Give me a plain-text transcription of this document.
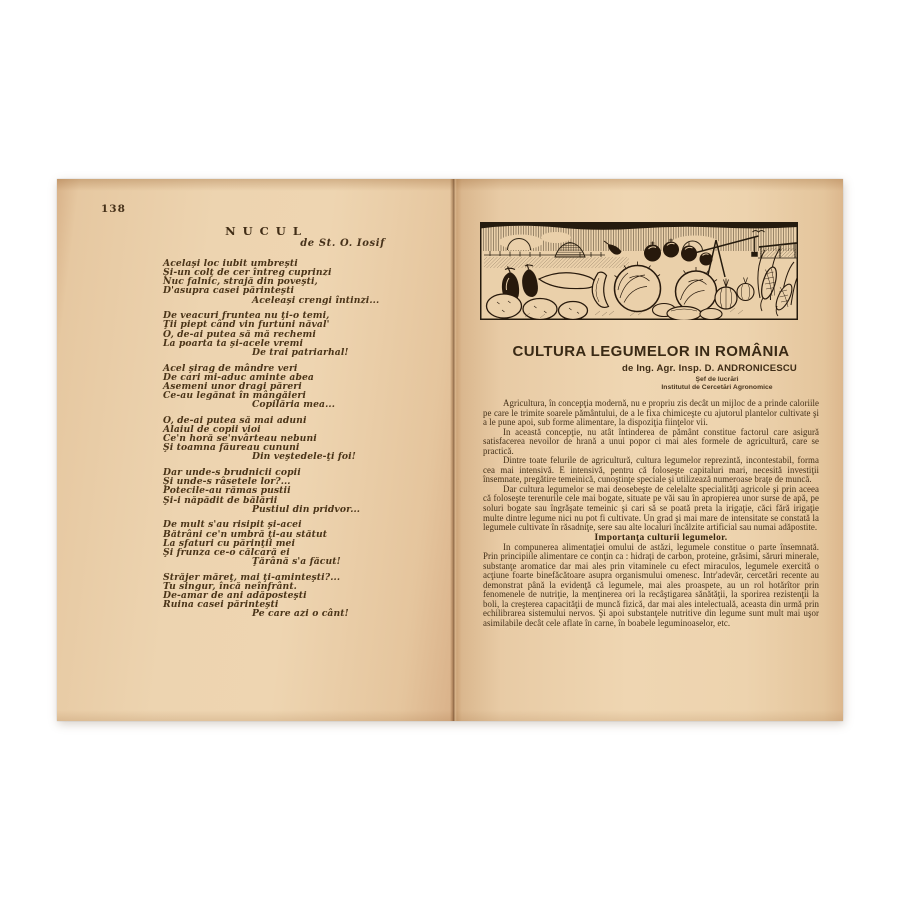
138
NUCUL
de St. O. Iosif
Acelaşi loc iubit umbreşti
Şi-un colţ de cer întreg cuprinzi
Nuc falnic, strajă din poveşti,
D'asupra casei părinteşti
Aceleaşi crengi întinzi...
De veacuri fruntea nu ţi-o temi,
Ţii piept când vin furtuni năval'
O, de-ai putea să mă rechemi
La poarta ta şi-acele vremi
De trai patriarhal!
Acel şirag de mândre veri
De cari mi-aduc aminte abea
Asemeni unor dragi păreri
Ce-au legănat în mângăieri
Copilăria mea...
O, de-ai putea să mai aduni
Alaiul de copii vioi
Ce'n horă se'nvârteau nebuni
Şi toamna făureau cununi
Din veştedele-ţi foi!
Dar unde-s brudnicii copii
Şi unde-s râsetele lor?...
Potecile-au rămas pustii
Şi-i năpădit de bălării
Pustiul din pridvor...
De mult s'au risipit şi-acei
Bătrâni ce'n umbră ţi-au stătut
La sfaturi cu părinţii mei
Şi frunza ce-o călcară ei
Ţărână s'a făcut!
Străjer măreţ, mai ţi-aminteşti?...
Tu singur, încă neînfrânt.
De-amar de ani adăposteşti
Ruina casei părinteşti
Pe care azi o cânt!
CULTURA LEGUMELOR IN ROMÂNIA
de Ing. Agr. Insp. D. ANDRONICESCU
Şef de lucrări
Institutul de Cercetări Agronomice

Agricultura, în concepţia modernă, nu e propriu zis decât un mijloc de a prinde caloriile pe care le trimite soarele pământului, de a le fixa chimiceşte cu ajutorul plantelor cultivate şi a le pune apoi, sub forme alimentare, la dispoziţia fiinţelor vii.

In această concepţie, nu atât întinderea de pământ constitue factorul care asigură satisfacerea nevoilor de hrană a unui popor ci mai ales formele de agricultură, care se practică.

Dintre toate felurile de agricultură, cultura legumelor reprezintă, incontestabil, forma cea mai intensivă. E intensivă, pentru că foloseşte capitaluri mari, necesită investiţii însemnate, pregătire temeinică, cunoştinţe speciale şi utilizează numeroase braţe de muncă.

Dar cultura legumelor se mai deosebeşte de celelalte specialităţi agricole şi prin aceea că foloseşte terenurile cele mai bogate, situate pe văi sau în apropierea unor surse de apă, pe soluri bogate sau îngrăşate temeinic şi cari să se poată preta la irigaţie, căci fără irigaţie multe dintre legume nici nu pot fi cultivate. Un grad şi mai mare de intensitate se constată la legumele cultivate în răsadniţe, sere sau alte localuri încălzite artificial sau numai adăpostite.

Importanţa culturii legumelor.

In compunerea alimentaţiei omului de astăzi, legumele constitue o parte însemnată. Prin principiile alimentare ce conţin ca : hidraţi de carbon, proteine, grăsimi, săruri minerale, substanţe aromatice dar mai ales prin vitaminele cu efect miraculos, legumele exercită o acţiune foarte binefăcătoare asupra organismului omenesc. Intr'adevăr, cercetări recente au demonstrat până la evidenţă că legumele, mai ales proaspete, au un rol hotărîtor prin fenomenele de nutriţie, la menţinerea ori la recâştigarea sănătăţii, la sporirea rezistenţii la boli, la creşterea capacităţii de muncă fizică, dar mai ales intelectuală, aceasta din urmă prin echilibrarea sistemului nervos. Şi apoi substanţele nutritive din legume sunt mult mai uşor asimilabile decât cele aflate în carne, în boabele leguminoaselor, etc.
